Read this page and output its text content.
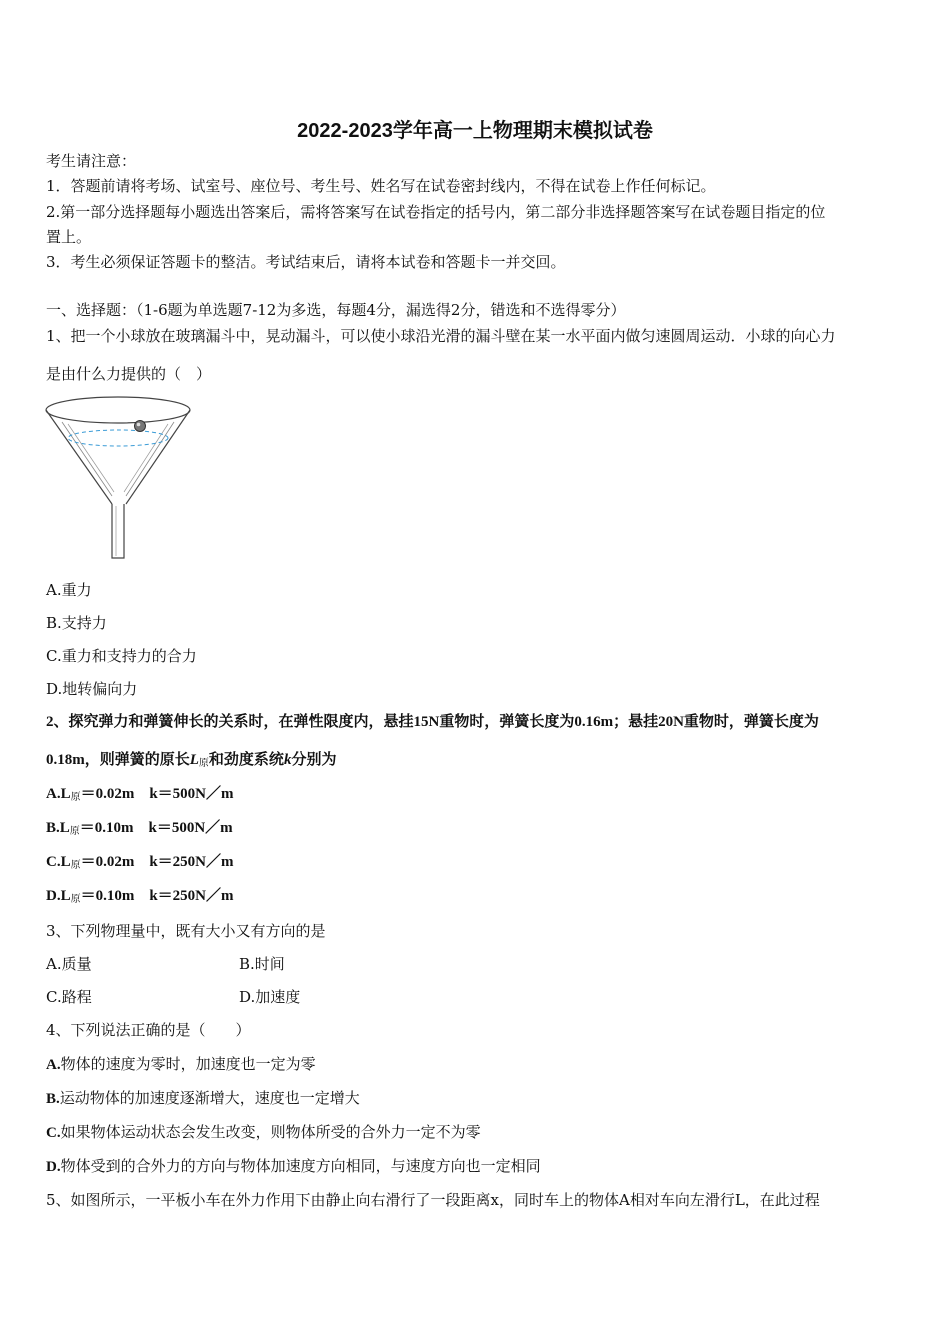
2022-2023学年高一上物理期末模拟试卷
考生请注意：
1．答题前请将考场、试室号、座位号、考生号、姓名写在试卷密封线内，不得在试卷上作任何标记。
2.第一部分选择题每小题选出答案后，需将答案写在试卷指定的括号内，第二部分非选择题答案写在试卷题目指定的位
置上。
3．考生必须保证答题卡的整洁。考试结束后，请将本试卷和答题卡一并交回。
一、选择题：（1-6题为单选题7-12为多选，每题4分，漏选得2分，错选和不选得零分）
1、把一个小球放在玻璃漏斗中，晃动漏斗，可以使小球沿光滑的漏斗壁在某一水平面内做匀速圆周运动．小球的向心力
是由什么力提供的（　）
A.重力
B.支持力
C.重力和支持力的合力
D.地转偏向力
2、探究弹力和弹簧伸长的关系时，在弹性限度内，悬挂15N重物时，弹簧长度为0.16m；悬挂20N重物时，弹簧长度为
0.18m，则弹簧的原长L原和劲度系统k分别为
A.L原＝0.02m　k＝500N／m
B.L原＝0.10m　k＝500N／m
C.L原＝0.02m　k＝250N／m
D.L原＝0.10m　k＝250N／m
3、下列物理量中，既有大小又有方向的是
A.质量	B.时间
C.路程	D.加速度
4、下列说法正确的是（　　）
A.物体的速度为零时，加速度也一定为零
B.运动物体的加速度逐渐增大，速度也一定增大
C.如果物体运动状态会发生改变，则物体所受的合外力一定不为零
D.物体受到的合外力的方向与物体加速度方向相同，与速度方向也一定相同
5、如图所示，一平板小车在外力作用下由静止向右滑行了一段距离x，同时车上的物体A相对车向左滑行L，在此过程
